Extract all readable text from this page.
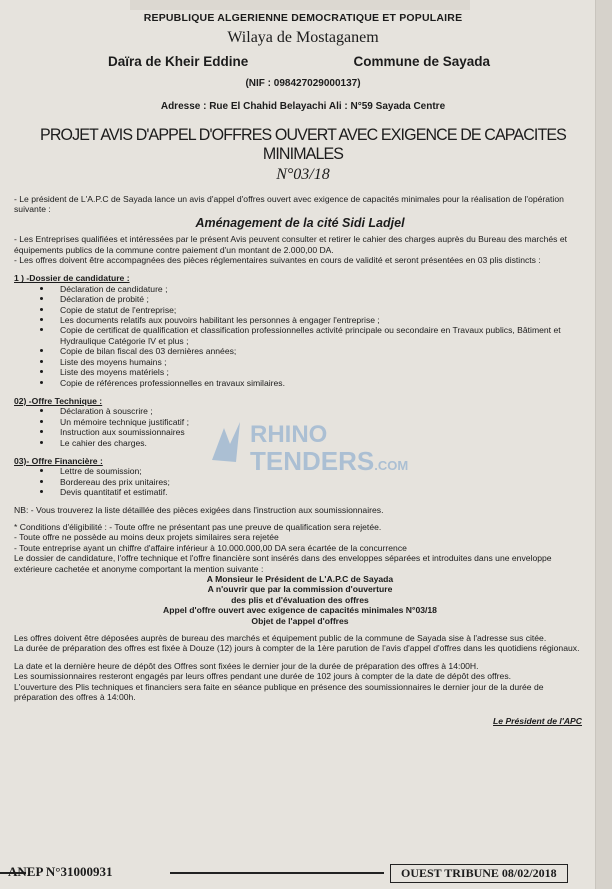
REPUBLIQUE ALGERIENNE DEMOCRATIQUE ET POPULAIRE
Wilaya de Mostaganem
Daïra de Kheir Eddine	Commune de Sayada
(NIF : 098427029000137)
Adresse : Rue El Chahid Belayachi Ali : N°59 Sayada Centre
PROJET AVIS D'APPEL D'OFFRES OUVERT AVEC EXIGENCE DE CAPACITES MINIMALES
N°03/18

- Le président de L'A.P.C de Sayada lance un avis d'appel d'offres ouvert avec exigence de capacités minimales pour la réalisation de l'opération suivante :

Aménagement de la cité Sidi Ladjel

- Les Entreprises qualifiées et intéressées par le présent Avis peuvent consulter et retirer le cahier des charges auprès du Bureau des marchés et équipements publics de la commune contre paiement d'un montant de 2.000,00 DA.

- Les offres doivent être accompagnées des pièces réglementaires suivantes en cours de validité et seront présentées en 03 plis distincts :

1 ) -Dossier de candidature :
Déclaration de candidature ;
Déclaration de probité ;
Copie de statut de l'entreprise;
Les documents relatifs aux pouvoirs habilitant les personnes à engager l'entreprise ;
Copie de certificat de qualification et classification professionnelles activité principale ou secondaire en Travaux publics, Bâtiment et Hydraulique Catégorie IV et plus ;
Copie de bilan fiscal des 03 dernières années;
Liste des moyens humains ;
Liste des moyens matériels ;
Copie de références professionnelles en travaux similaires.
02) -Offre Technique :
Déclaration à souscrire ;
Un mémoire technique justificatif ;
Instruction aux soumissionnaires
Le cahier des charges.
03)- Offre Financière :
Lettre de soumission;
Bordereau des prix unitaires;
Devis quantitatif et estimatif.

NB: - Vous trouverez la liste détaillée des pièces exigées dans l'instruction aux soumissionnaires.

* Conditions d'éligibilité : - Toute offre ne présentant pas une preuve de qualification sera rejetée.

- Toute offre ne possède au moins deux projets similaires sera rejetée

- Toute entreprise ayant un chiffre d'affaire inférieur à 10.000.000,00 DA sera écartée de la concurrence

Le dossier de candidature, l'offre technique et l'offre financière sont insérés dans des enveloppes séparées et introduites dans une enveloppe extérieure cachetée et anonyme comportant la mention suivante :

A Monsieur le Président de L'A.P.C de Sayada
A n'ouvrir que par la commission d'ouverture
des plis et d'évaluation des offres
Appel d'offre ouvert avec exigence de capacités minimales N°03/18
Objet de l'appel d'offres

Les offres doivent être déposées auprès de bureau des marchés et équipement public de la commune de Sayada sise à l'adresse sus citée.

La durée de préparation des offres est fixée à Douze (12) jours à compter de la 1ère parution de l'avis d'appel d'offres dans les quotidiens régionaux.

La date et la dernière heure de dépôt des Offres sont fixées le dernier jour de la durée de préparation des offres à 14:00H.

Les soumissionnaires resteront engagés par leurs offres pendant une durée de 102 jours à compter de la date de dépôt des offres.

L'ouverture des Plis techniques et financiers sera faite en séance publique en présence des soumissionnaires le dernier jour de la durée de préparation des offres à 14:00h.

Le Président de l'APC
RHINO
TENDERS.COM
ANEP N°31000931	OUEST TRIBUNE 08/02/2018
